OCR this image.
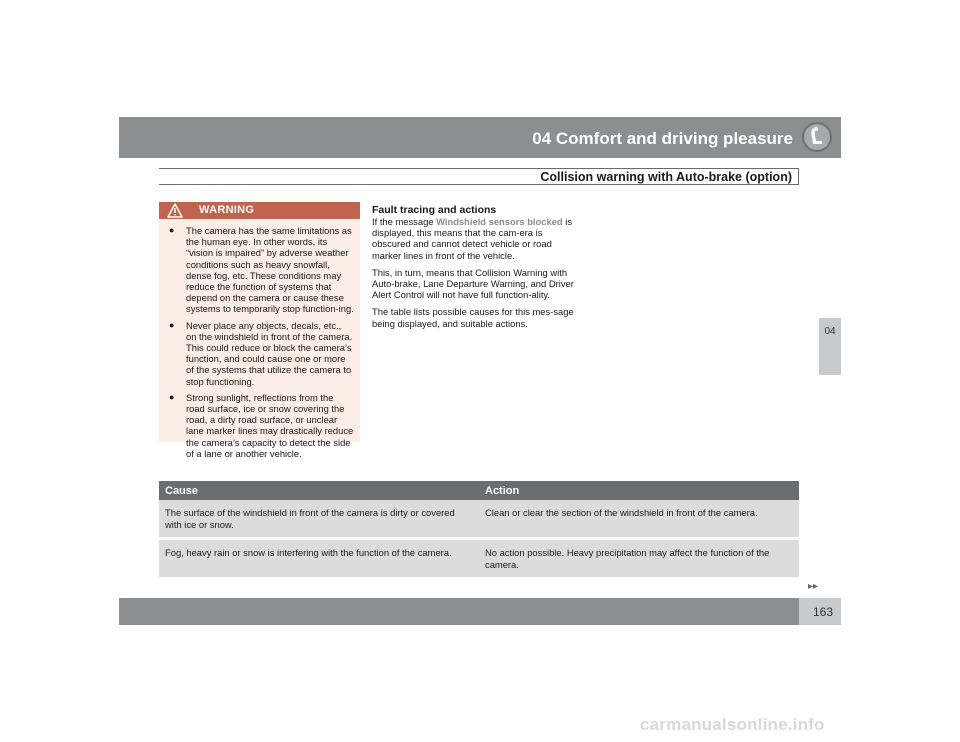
04 Comfort and driving pleasure
Collision warning with Auto-brake (option)
04
WARNING
● The camera has the same limitations as the human eye. In other words, its “vision is impaired” by adverse weather conditions such as heavy snowfall, dense fog, etc. These conditions may reduce the function of systems that depend on the camera or cause these systems to temporarily stop function-ing.
● Never place any objects, decals, etc., on the windshield in front of the camera. This could reduce or block the camera’s function, and could cause one or more of the systems that utilize the camera to stop functioning.
● Strong sunlight, reflections from the road surface, ice or snow covering the road, a dirty road surface, or unclear lane marker lines may drastically reduce the camera’s capacity to detect the side of a lane or another vehicle.

Fault tracing and actions

If the message Windshield sensors blocked is displayed, this means that the cam-era is obscured and cannot detect vehicle or road marker lines in front of the vehicle.

This, in turn, means that Collision Warning with Auto-brake, Lane Departure Warning, and Driver Alert Control will not have full function-ality.

The table lists possible causes for this mes-sage being displayed, and suitable actions.

Cause	Action
The surface of the windshield in front of the camera is dirty or covered with ice or snow.	Clean or clear the section of the windshield in front of the camera.
Fog, heavy rain or snow is interfering with the function of the camera.	No action possible. Heavy precipitation may affect the function of the camera.
▸▸
163
carmanualsonline.info
